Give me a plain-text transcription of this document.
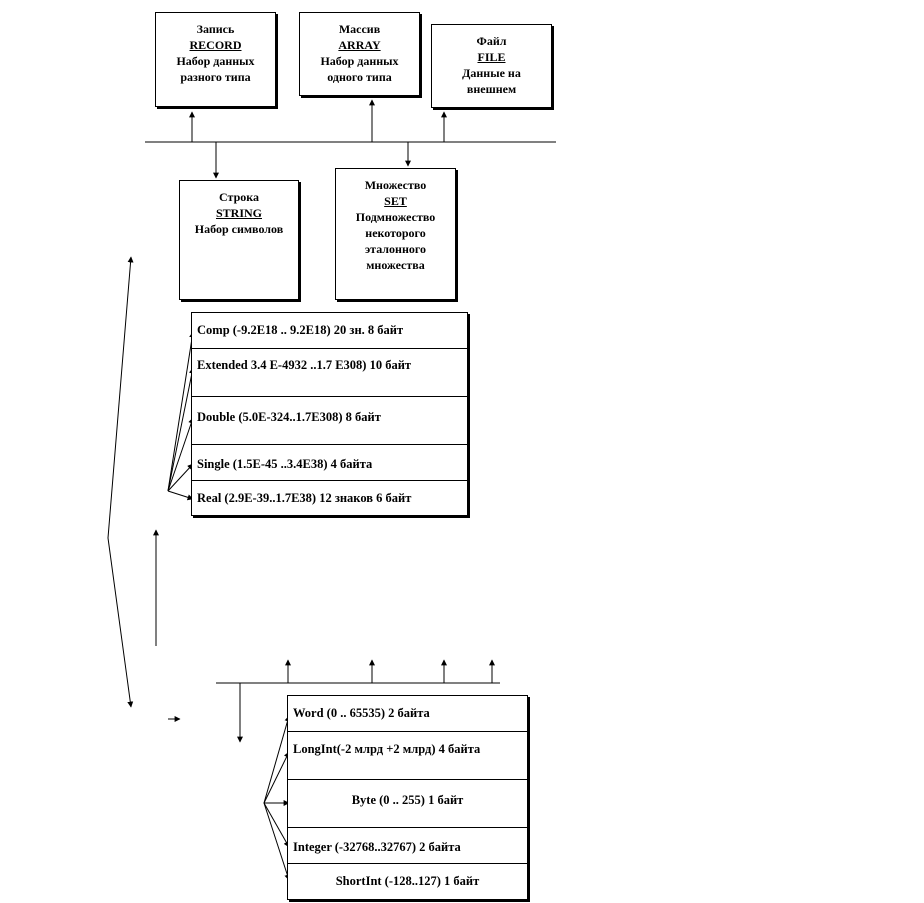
Запись
RECORD
Набор данных
разного типа
Массив
ARRAY
Набор данных
одного типа
Файл
FILE
Данные на
внешнем
Строка
STRING
Набор символов
Множество
SET
Подмножество
некоторого
эталонного
множества
Comp (-9.2E18 .. 9.2E18) 20 зн. 8 байт
Extended 3.4 E-4932 ..1.7 E308) 10 байт
Double (5.0E-324..1.7E308) 8 байт
Single (1.5E-45 ..3.4E38) 4 байта
Real (2.9E-39..1.7E38) 12 знаков 6 байт
Word (0 .. 65535) 2 байта
LongInt(-2 млрд +2 млрд) 4 байта
Byte (0 .. 255) 1 байт
Integer (-32768..32767) 2 байта
ShortInt (-128..127) 1 байт
